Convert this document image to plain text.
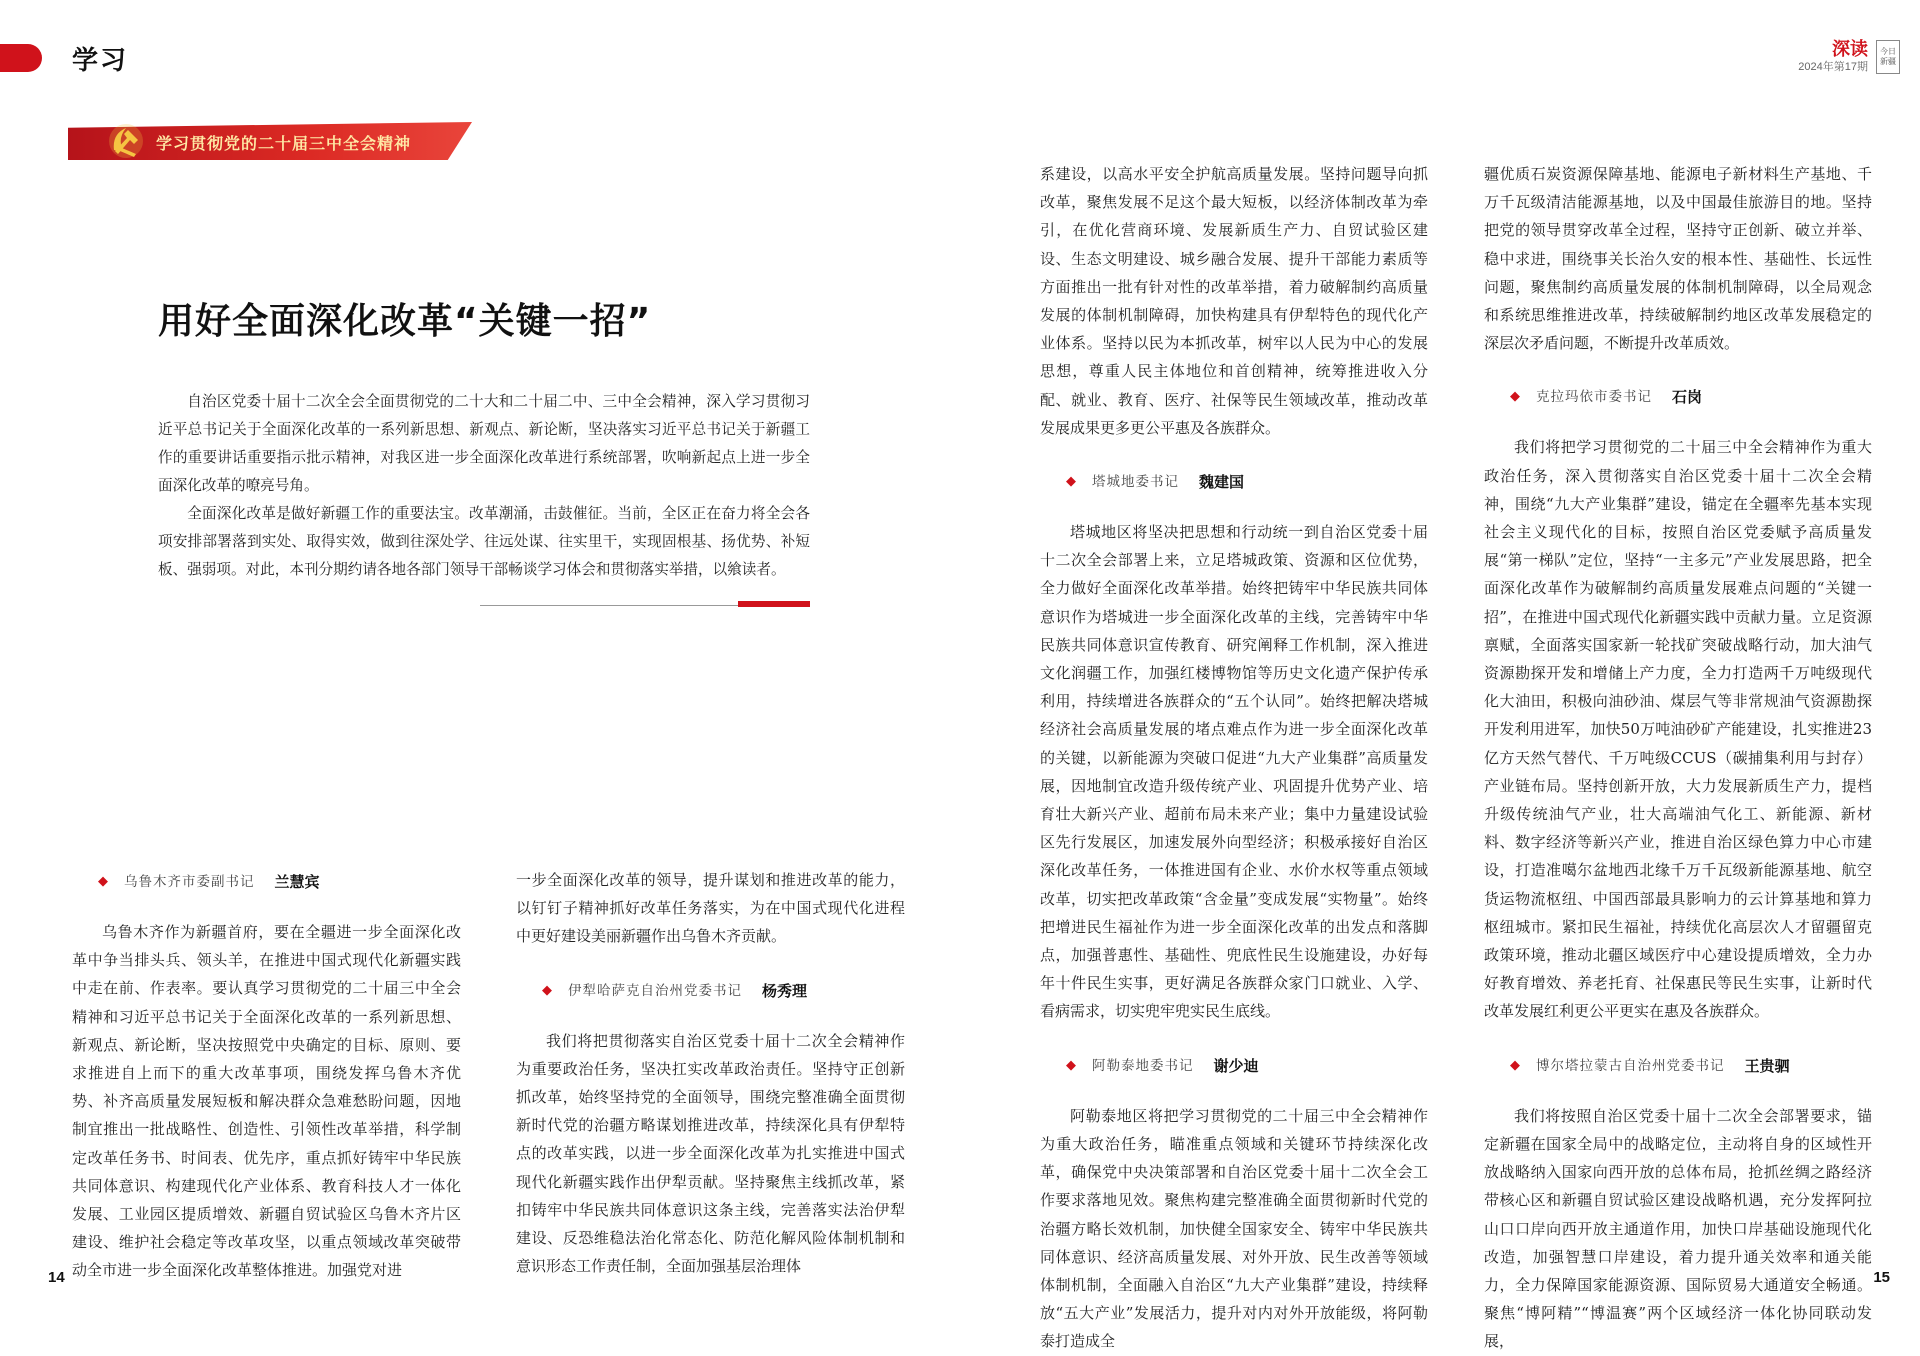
学习
学习贯彻党的二十届三中全会精神
用好全面深化改革“关键一招”

自治区党委十届十二次全会全面贯彻党的二十大和二十届二中、三中全会精神，深入学习贯彻习近平总书记关于全面深化改革的一系列新思想、新观点、新论断，坚决落实习近平总书记关于新疆工作的重要讲话重要指示批示精神，对我区进一步全面深化改革进行系统部署，吹响新起点上进一步全面深化改革的嘹亮号角。

全面深化改革是做好新疆工作的重要法宝。改革潮涌，击鼓催征。当前，全区正在奋力将全会各项安排部署落到实处、取得实效，做到往深处学、往远处谋、往实里干，实现固根基、扬优势、补短板、强弱项。对此，本刊分期约请各地各部门领导干部畅谈学习体会和贯彻落实举措，以飨读者。

◆ 乌鲁木齐市委副书记 兰慧宾

乌鲁木齐作为新疆首府，要在全疆进一步全面深化改革中争当排头兵、领头羊，在推进中国式现代化新疆实践中走在前、作表率。要认真学习贯彻党的二十届三中全会精神和习近平总书记关于全面深化改革的一系列新思想、新观点、新论断，坚决按照党中央确定的目标、原则、要求推进自上而下的重大改革事项，围绕发挥乌鲁木齐优势、补齐高质量发展短板和解决群众急难愁盼问题，因地制宜推出一批战略性、创造性、引领性改革举措，科学制定改革任务书、时间表、优先序，重点抓好铸牢中华民族共同体意识、构建现代化产业体系、教育科技人才一体化发展、工业园区提质增效、新疆自贸试验区乌鲁木齐片区建设、维护社会稳定等改革攻坚，以重点领域改革突破带动全市进一步全面深化改革整体推进。加强党对进

一步全面深化改革的领导，提升谋划和推进改革的能力，以钉钉子精神抓好改革任务落实，为在中国式现代化进程中更好建设美丽新疆作出乌鲁木齐贡献。

◆ 伊犁哈萨克自治州党委书记 杨秀理

我们将把贯彻落实自治区党委十届十二次全会精神作为重要政治任务，坚决扛实改革政治责任。坚持守正创新抓改革，始终坚持党的全面领导，围绕完整准确全面贯彻新时代党的治疆方略谋划推进改革，持续深化具有伊犁特点的改革实践，以进一步全面深化改革为扎实推进中国式现代化新疆实践作出伊犁贡献。坚持聚焦主线抓改革，紧扣铸牢中华民族共同体意识这条主线，完善落实法治伊犁建设、反恐维稳法治化常态化、防范化解风险体制机制和意识形态工作责任制，全面加强基层治理体

14
深读
2024年第17期
今日
新疆

系建设，以高水平安全护航高质量发展。坚持问题导向抓改革，聚焦发展不足这个最大短板，以经济体制改革为牵引，在优化营商环境、发展新质生产力、自贸试验区建设、生态文明建设、城乡融合发展、提升干部能力素质等方面推出一批有针对性的改革举措，着力破解制约高质量发展的体制机制障碍，加快构建具有伊犁特色的现代化产业体系。坚持以民为本抓改革，树牢以人民为中心的发展思想，尊重人民主体地位和首创精神，统筹推进收入分配、就业、教育、医疗、社保等民生领域改革，推动改革发展成果更多更公平惠及各族群众。

◆ 塔城地委书记 魏建国

塔城地区将坚决把思想和行动统一到自治区党委十届十二次全会部署上来，立足塔城政策、资源和区位优势，全力做好全面深化改革举措。始终把铸牢中华民族共同体意识作为塔城进一步全面深化改革的主线，完善铸牢中华民族共同体意识宣传教育、研究阐释工作机制，深入推进文化润疆工作，加强红楼博物馆等历史文化遗产保护传承利用，持续增进各族群众的“五个认同”。始终把解决塔城经济社会高质量发展的堵点难点作为进一步全面深化改革的关键，以新能源为突破口促进“九大产业集群”高质量发展，因地制宜改造升级传统产业、巩固提升优势产业、培育壮大新兴产业、超前布局未来产业；集中力量建设试验区先行发展区，加速发展外向型经济；积极承接好自治区深化改革任务，一体推进国有企业、水价水权等重点领域改革，切实把改革政策“含金量”变成发展“实物量”。始终把增进民生福祉作为进一步全面深化改革的出发点和落脚点，加强普惠性、基础性、兜底性民生设施建设，办好每年十件民生实事，更好满足各族群众家门口就业、入学、看病需求，切实兜牢兜实民生底线。

◆ 阿勒泰地委书记 谢少迪

阿勒泰地区将把学习贯彻党的二十届三中全会精神作为重大政治任务，瞄准重点领域和关键环节持续深化改革，确保党中央决策部署和自治区党委十届十二次全会工作要求落地见效。聚焦构建完整准确全面贯彻新时代党的治疆方略长效机制，加快健全国家安全、铸牢中华民族共同体意识、经济高质量发展、对外开放、民生改善等领域体制机制，全面融入自治区“九大产业集群”建设，持续释放“五大产业”发展活力，提升对内对外开放能级，将阿勒泰打造成全

疆优质石炭资源保障基地、能源电子新材料生产基地、千万千瓦级清洁能源基地，以及中国最佳旅游目的地。坚持把党的领导贯穿改革全过程，坚持守正创新、破立并举、稳中求进，围绕事关长治久安的根本性、基础性、长远性问题，聚焦制约高质量发展的体制机制障碍，以全局观念和系统思维推进改革，持续破解制约地区改革发展稳定的深层次矛盾问题，不断提升改革质效。

◆ 克拉玛依市委书记 石岗

我们将把学习贯彻党的二十届三中全会精神作为重大政治任务，深入贯彻落实自治区党委十届十二次全会精神，围绕“九大产业集群”建设，锚定在全疆率先基本实现社会主义现代化的目标，按照自治区党委赋予高质量发展“第一梯队”定位，坚持“一主多元”产业发展思路，把全面深化改革作为破解制约高质量发展难点问题的“关键一招”，在推进中国式现代化新疆实践中贡献力量。立足资源禀赋，全面落实国家新一轮找矿突破战略行动，加大油气资源勘探开发和增储上产力度，全力打造两千万吨级现代化大油田，积极向油砂油、煤层气等非常规油气资源勘探开发利用进军，加快50万吨油砂矿产能建设，扎实推进23亿方天然气替代、千万吨级CCUS（碳捕集利用与封存）产业链布局。坚持创新开放，大力发展新质生产力，提档升级传统油气产业，壮大高端油气化工、新能源、新材料、数字经济等新兴产业，推进自治区绿色算力中心市建设，打造准噶尔盆地西北缘千万千瓦级新能源基地、航空货运物流枢纽、中国西部最具影响力的云计算基地和算力枢纽城市。紧扣民生福祉，持续优化高层次人才留疆留克政策环境，推动北疆区域医疗中心建设提质增效，全力办好教育增效、养老托育、社保惠民等民生实事，让新时代改革发展红利更公平更实在惠及各族群众。

◆ 博尔塔拉蒙古自治州党委书记 王贵驷

我们将按照自治区党委十届十二次全会部署要求，锚定新疆在国家全局中的战略定位，主动将自身的区域性开放战略纳入国家向西开放的总体布局，抢抓丝绸之路经济带核心区和新疆自贸试验区建设战略机遇，充分发挥阿拉山口口岸向西开放主通道作用，加快口岸基础设施现代化改造，加强智慧口岸建设，着力提升通关效率和通关能力，全力保障国家能源资源、国际贸易大通道安全畅通。聚焦“博阿精”“博温赛”两个区域经济一体化协同联动发展，

15
